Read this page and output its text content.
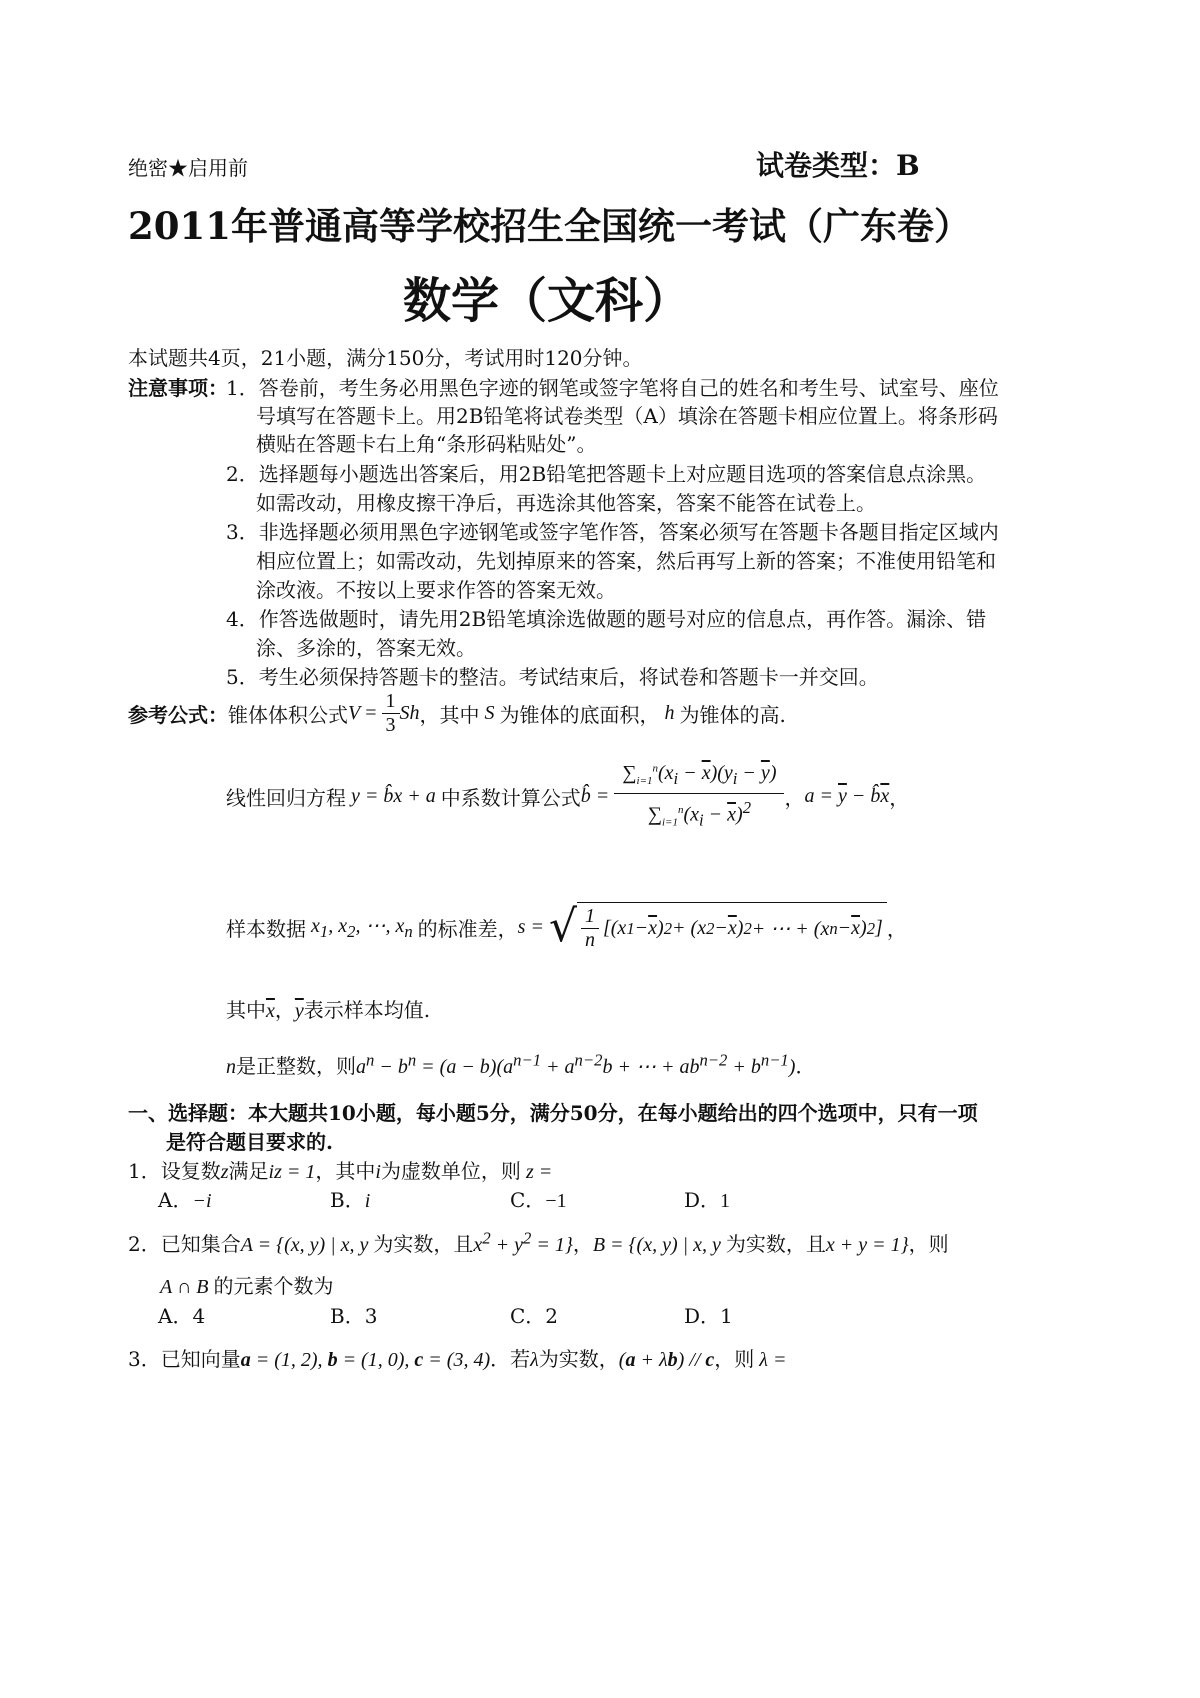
绝密★启用前	试卷类型：B
2011年普通高等学校招生全国统一考试（广东卷）
数学（文科）
本试题共4页，21小题，满分150分，考试用时120分钟。
注意事项：
1．答卷前，考生务必用黑色字迹的钢笔或签字笔将自己的姓名和考生号、试室号、座位
号填写在答题卡上。用2B铅笔将试卷类型（A）填涂在答题卡相应位置上。将条形码
横贴在答题卡右上角“条形码粘贴处”。
2．选择题每小题选出答案后，用2B铅笔把答题卡上对应题目选项的答案信息点涂黑。
如需改动，用橡皮擦干净后，再选涂其他答案，答案不能答在试卷上。
3．非选择题必须用黑色字迹钢笔或签字笔作答，答案必须写在答题卡各题目指定区域内
相应位置上；如需改动，先划掉原来的答案，然后再写上新的答案；不准使用铅笔和
涂改液。不按以上要求作答的答案无效。
4．作答选做题时，请先用2B铅笔填涂选做题的题号对应的信息点，再作答。漏涂、错
涂、多涂的，答案无效。
5．考生必须保持答题卡的整洁。考试结束后，将试卷和答题卡一并交回。
参考公式： 锥体体积公式 $V = \frac{1}{3}$ Sh ，其中 S 为锥体的底面积， h 为锥体的高.
线性回归方程 y = b̂x + a 中系数计算公式 b̂ = $\frac{\sum_{i=1}^n(x_i - \overline{x})(y_i - \overline{y})}{\sum_{i=1}^n(x_i - \overline{x})^2}$ ， $a = \overline{y}$ − $b̂\overline{x}$ ，
样本数据 $x_1$, $x_2$, ⋯, $x_n$ 的标准差， s = √ $\frac{1}{n} [(x$ $1 - \overline{x}$ ) 2 + (x $2 - \overline{x}$ ) 2 + ⋯ + (x $n - \overline{x}$ ) 2 ] ，
其中$\overline{x}$，$\overline{y}$表示样本均值.
n是正整数，则$a^n - b^n = (a - b)(a^{n-1} + a^{n-2}b$ + ⋯ + $ab^{n-2} + b^{n-1}$)．
一、选择题：本大题共10小题，每小题5分，满分50分，在每小题给出的四个选项中，只有一项
是符合题目要求的.
1．设复数z满足iz = 1，其中i为虚数单位，则 z =
A．−i	B．i	C．−1	D．1
2．已知集合A = {(x, y) | x, y 为实数，且$x^2 + y^2 = 1$}，B = {(x, y) | x, y 为实数，且x + y = 1}，则
A ∩ B 的元素个数为
A．4	B．3	C．2	D．1
3．已知向量a = (1, 2), b = (1, 0), c = (3, 4)．若λ为实数，(a + λb) // c，则 λ =
